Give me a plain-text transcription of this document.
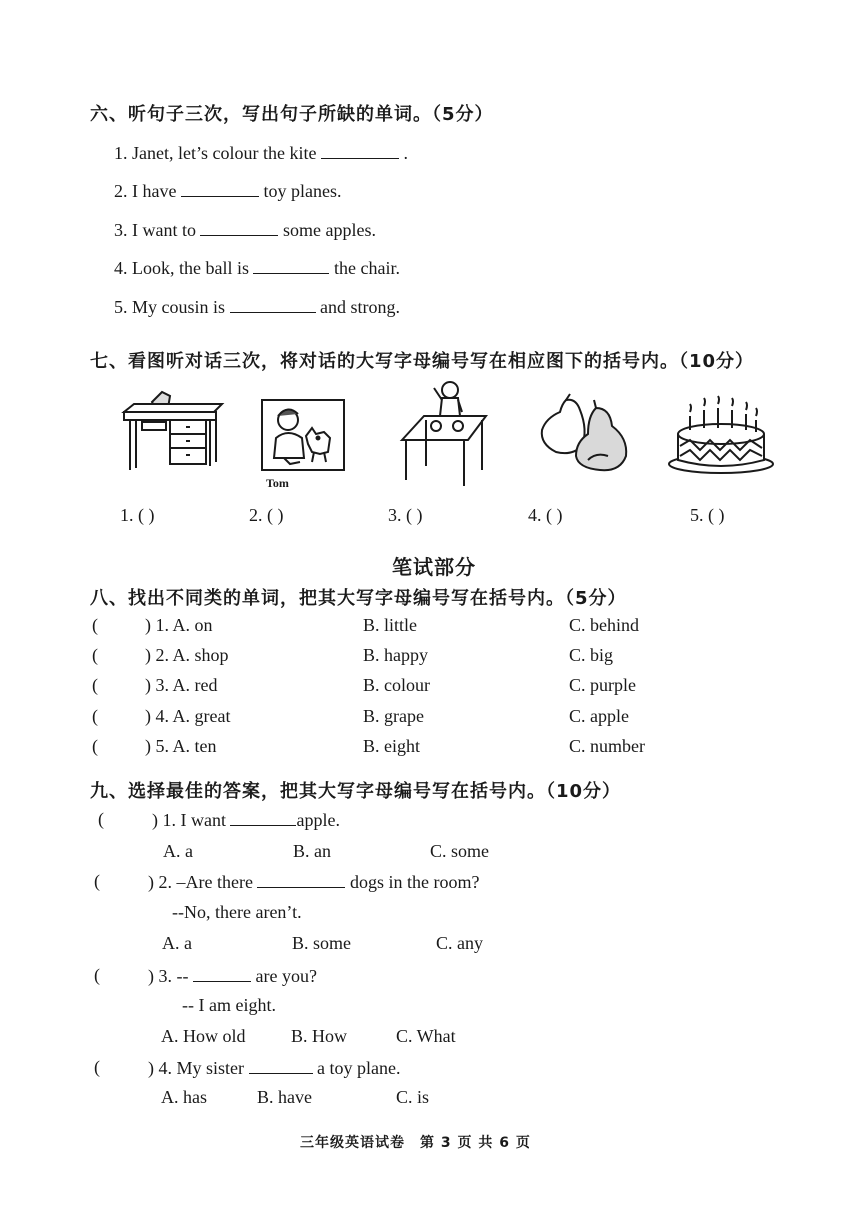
六、听句子三次，写出句子所缺的单词。（5分）
1. Janet, let’s colour the kite	.
2. I have	toy planes.
3. I want to	some apples.
4. Look, the ball is	the chair.
5. My cousin is	and strong.
七、看图听对话三次，将对话的大写字母编号写在相应图下的括号内。（10分）
Tom
1. ( )	2. ( )	3. ( )	4. ( )	5. ( )
笔试部分
八、找出不同类的单词，把其大写字母编号写在括号内。（5分）
(	) 1. A. on	B. little	C. behind
(	) 2. A. shop	B. happy	C. big
(	) 3. A. red	B. colour	C. purple
(	) 4. A. great	B. grape	C. apple
(	) 5. A. ten	B. eight	C. number
九、选择最佳的答案，把其大写字母编号写在括号内。（10分）
(	) 1. I want	apple.
A. a	B. an	C. some
(	) 2. –Are there	dogs in the room?
--No, there aren’t.
A. a	B. some	C. any
(	) 3. --	are you?
-- I am eight.
A. How old	B. How	C. What
(	) 4. My sister	a toy plane.
A. has	B. have	C. is
三年级英语试卷　第 3 页 共 6 页
